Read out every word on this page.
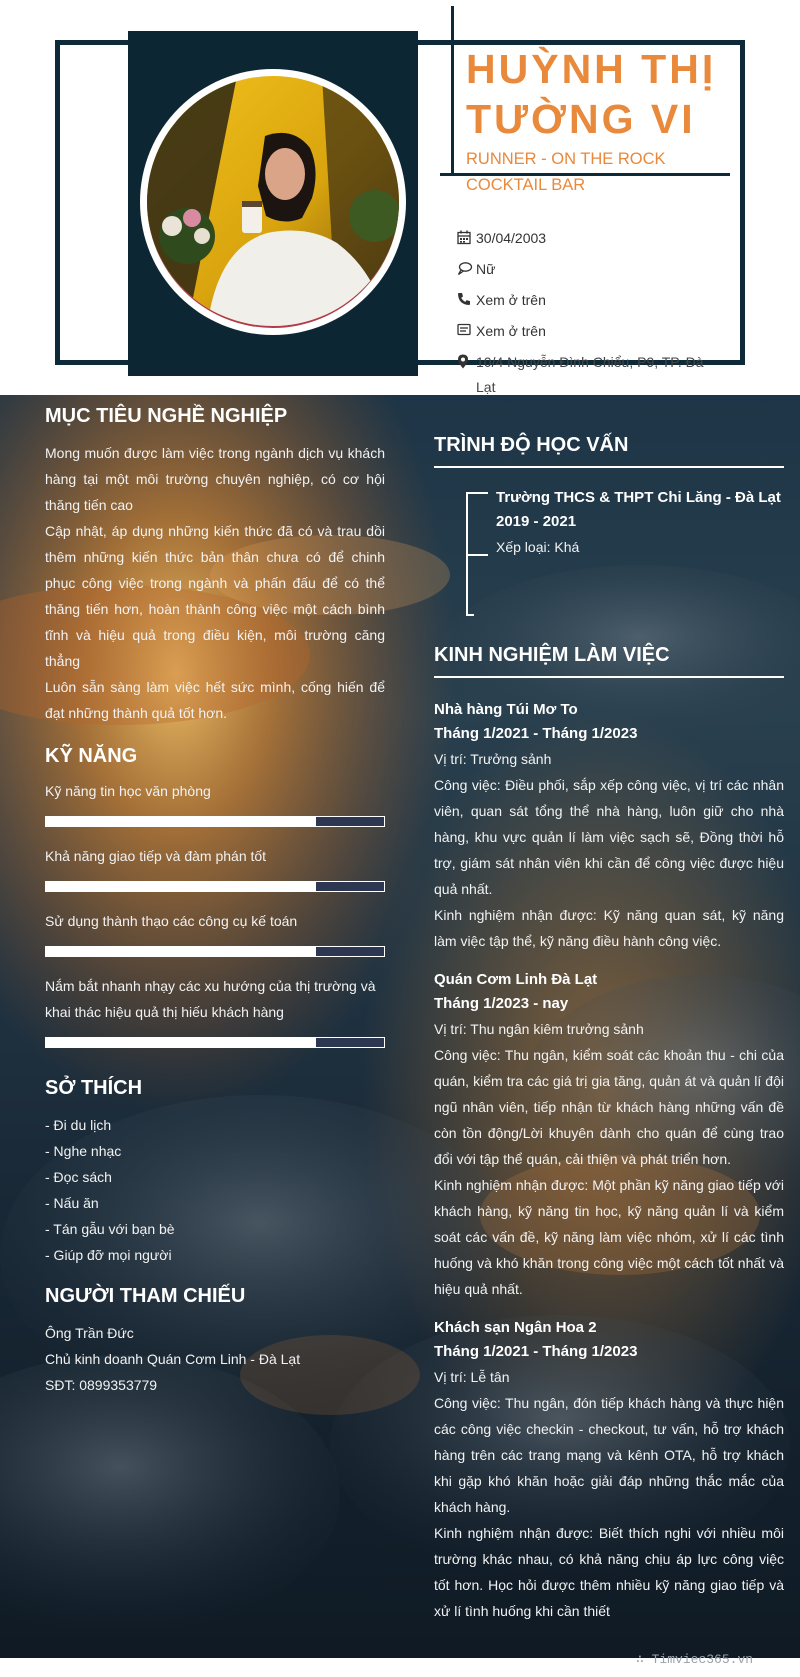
HUỲNH THỊ
TƯỜNG VI
RUNNER - ON THE ROCK COCKTAIL BAR
30/04/2003
Nữ
Xem ở trên
Xem ở trên
10/4 Nguyễn Đình Chiểu, P9, TP. Đà Lạt
MỤC TIÊU NGHỀ NGHIỆP
Mong muốn được làm việc trong ngành dịch vụ khách hàng tại một môi trường chuyên nghiệp, có cơ hội thăng tiến cao
Cập nhật, áp dụng những kiến thức đã có và trau dồi thêm những kiến thức bản thân chưa có để chinh phục công việc trong ngành và phấn đấu để có thể thăng tiến hơn, hoàn thành công việc một cách bình tĩnh và hiệu quả trong điều kiện, môi trường căng thẳng
Luôn sẵn sàng làm việc hết sức mình, cống hiến để đạt những thành quả tốt hơn.
KỸ NĂNG
Kỹ năng tin học văn phòng
Khả năng giao tiếp và đàm phán tốt
Sử dụng thành thạo các công cụ kế toán
Nắm bắt nhanh nhạy các xu hướng của thị trường và khai thác hiệu quả thị hiếu khách hàng
SỞ THÍCH
- Đi du lịch
- Nghe nhạc
- Đọc sách
- Nấu ăn
- Tán gẫu với bạn bè
- Giúp đỡ mọi người
NGƯỜI THAM CHIẾU
Ông Trần Đức
Chủ kinh doanh Quán Cơm Linh - Đà Lạt
SĐT: 0899353779
TRÌNH ĐỘ HỌC VẤN
Trường THCS & THPT Chi Lăng - Đà Lạt
2019 - 2021
Xếp loại: Khá
KINH NGHIỆM LÀM VIỆC
Nhà hàng Túi Mơ To
Tháng 1/2021 - Tháng 1/2023
Vị trí: Trưởng sảnh
Công việc: Điều phối, sắp xếp công việc, vị trí các nhân viên, quan sát tổng thể nhà hàng, luôn giữ cho nhà hàng, khu vực quản lí làm việc sạch sẽ, Đồng thời hỗ trợ, giám sát nhân viên khi cần để công việc được hiệu quả nhất.
Kinh nghiệm nhận được: Kỹ năng quan sát, kỹ năng làm việc tập thể, kỹ năng điều hành công việc.
Quán Cơm Linh Đà Lạt
Tháng 1/2023 - nay
Vị trí: Thu ngân kiêm trưởng sảnh
Công việc: Thu ngân, kiểm soát các khoản thu - chi của quán, kiểm tra các giá trị gia tăng, quản át và quản lí đội ngũ nhân viên, tiếp nhận từ khách hàng những vấn đề còn tồn động/Lời khuyên dành cho quán để cùng trao đổi với tập thể quán, cải thiện và phát triển hơn.
Kinh nghiệm nhận được: Một phần kỹ năng giao tiếp với khách hàng, kỹ năng tin học, kỹ năng quản lí và kiểm soát các vấn đề, kỹ năng làm việc nhóm, xử lí các tình huống và khó khăn trong công việc một cách tốt nhất và hiệu quả nhất.
Khách sạn Ngân Hoa 2
Tháng 1/2021 - Tháng 1/2023
Vị trí: Lễ tân
Công việc: Thu ngân, đón tiếp khách hàng và thực hiện các công việc checkin - checkout, tư vấn, hỗ trợ khách hàng trên các trang mạng và kênh OTA, hỗ trợ khách khi gặp khó khăn hoặc giải đáp những thắc mắc của khách hàng.
Kinh nghiệm nhận được: Biết thích nghi với nhiều môi trường khác nhau, có khả năng chịu áp lực công việc tốt hơn. Học hỏi được thêm nhiều kỹ năng giao tiếp và xử lí tình huống khi cần thiết
∴ Timviec365.vn
